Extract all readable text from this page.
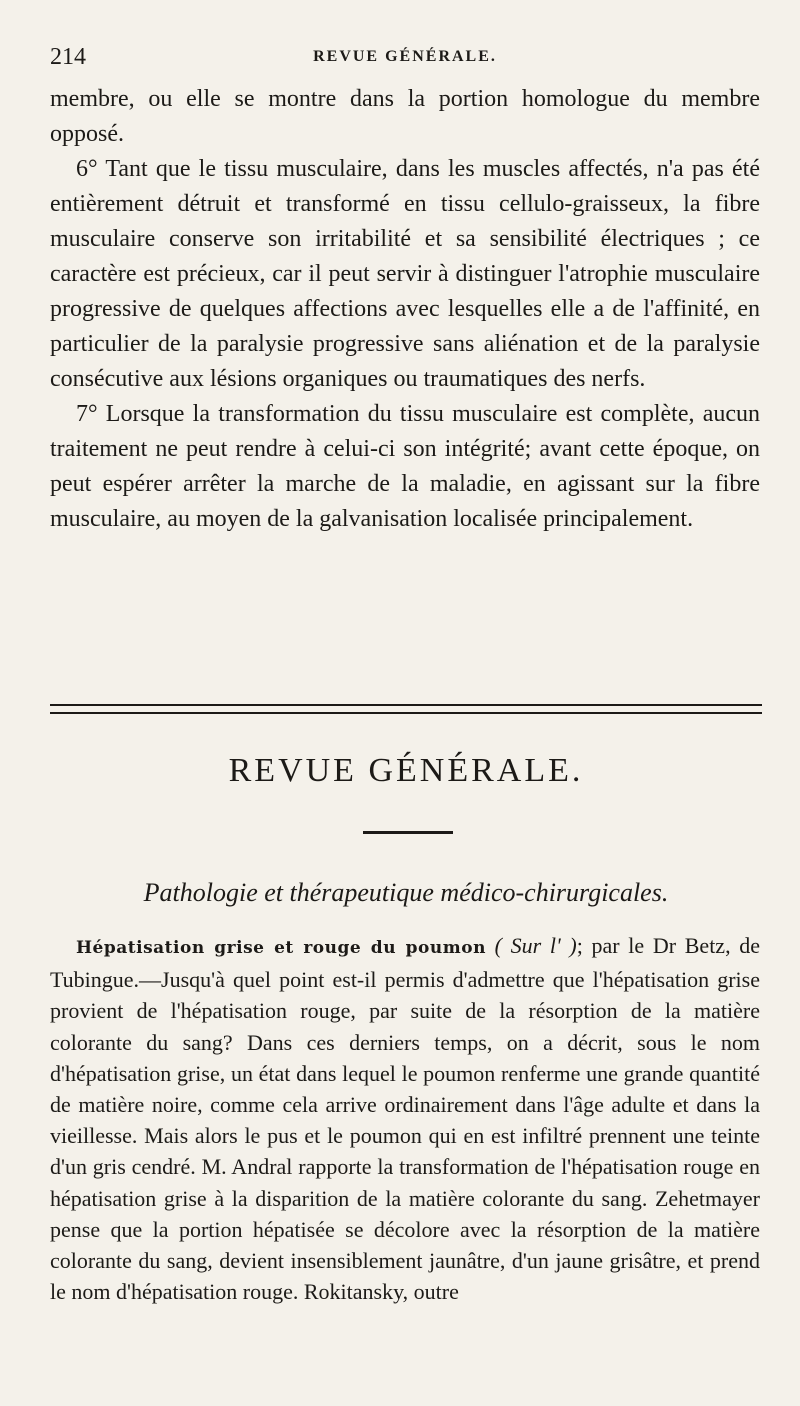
214	REVUE GÉNÉRALE.

membre, ou elle se montre dans la portion homologue du membre opposé.

6° Tant que le tissu musculaire, dans les muscles affectés, n'a pas été entièrement détruit et transformé en tissu cellulo-graisseux, la fibre musculaire conserve son irritabilité et sa sensibilité électriques ; ce caractère est précieux, car il peut servir à distinguer l'atrophie musculaire progressive de quelques affections avec lesquelles elle a de l'affinité, en particulier de la paralysie progressive sans aliénation et de la paralysie consécutive aux lésions organiques ou traumatiques des nerfs.

7° Lorsque la transformation du tissu musculaire est complète, aucun traitement ne peut rendre à celui-ci son intégrité; avant cette époque, on peut espérer arrêter la marche de la maladie, en agissant sur la fibre musculaire, au moyen de la galvanisation localisée principalement.

REVUE GÉNÉRALE.
Pathologie et thérapeutique médico-chirurgicales.

Hépatisation grise et rouge du poumon ( Sur l' ); par le Dr Betz, de Tubingue.—Jusqu'à quel point est-il permis d'admettre que l'hépatisation grise provient de l'hépatisation rouge, par suite de la résorption de la matière colorante du sang? Dans ces derniers temps, on a décrit, sous le nom d'hépatisation grise, un état dans lequel le poumon renferme une grande quantité de matière noire, comme cela arrive ordinairement dans l'âge adulte et dans la vieillesse. Mais alors le pus et le poumon qui en est infiltré prennent une teinte d'un gris cendré. M. Andral rapporte la transformation de l'hépatisation rouge en hépatisation grise à la disparition de la matière colorante du sang. Zehetmayer pense que la portion hépatisée se décolore avec la résorption de la matière colorante du sang, devient insensiblement jaunâtre, d'un jaune grisâtre, et prend le nom d'hépatisation rouge. Rokitansky, outre
